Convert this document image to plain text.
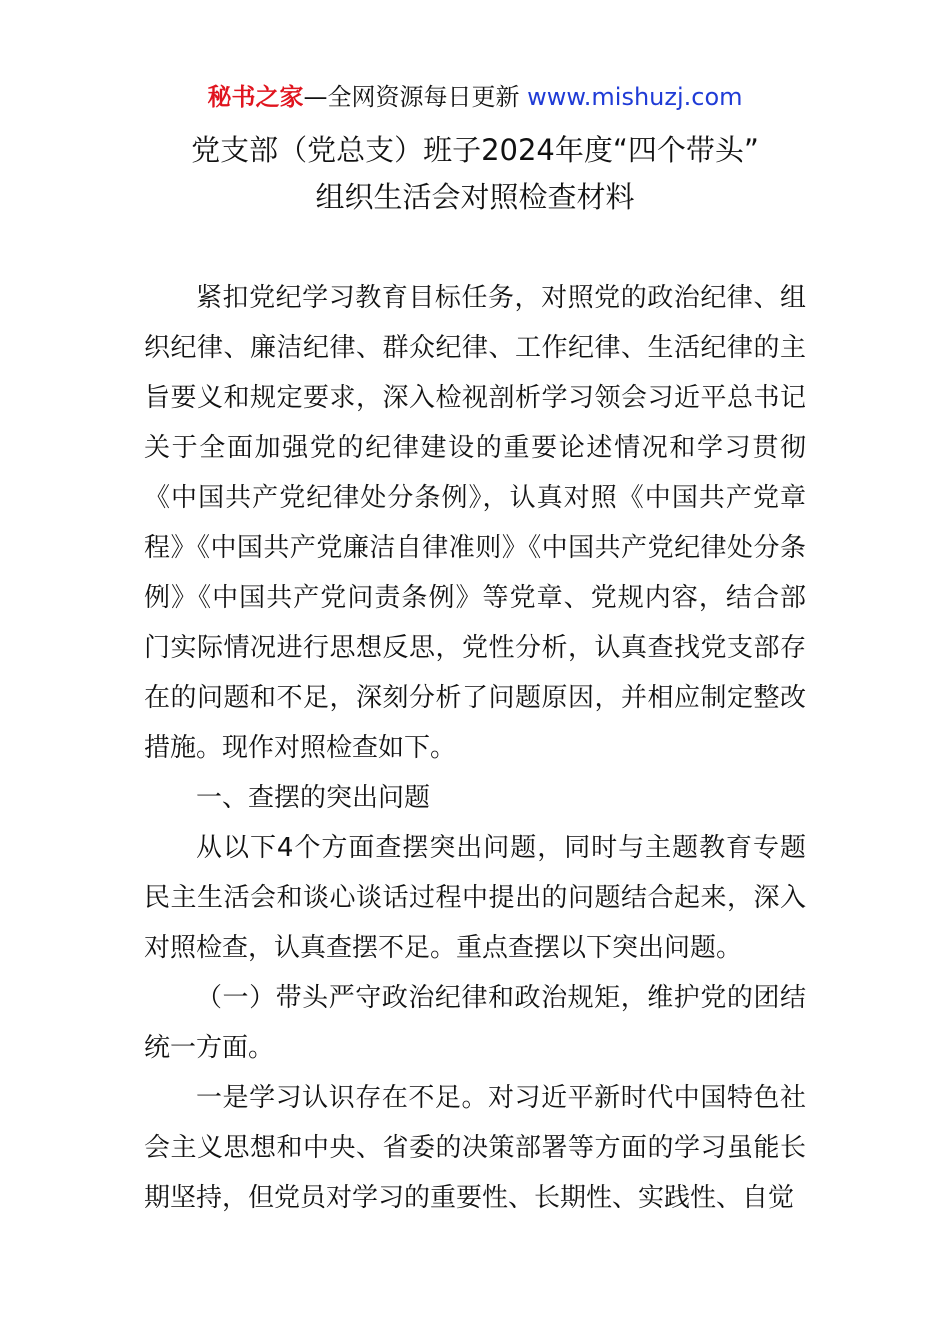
秘书之家—全网资源每日更新 www.mishuzj.com
党支部（党总支）班子2024年度“四个带头”
组织生活会对照检查材料

紧扣党纪学习教育目标任务，对照党的政治纪律、组织纪律、廉洁纪律、群众纪律、工作纪律、生活纪律的主旨要义和规定要求，深入检视剖析学习领会习近平总书记关于全面加强党的纪律建设的重要论述情况和学习贯彻《中国共产党纪律处分条例》，认真对照《中国共产党章程》《中国共产党廉洁自律准则》《中国共产党纪律处分条例》《中国共产党问责条例》等党章、党规内容，结合部门实际情况进行思想反思，党性分析，认真查找党支部存在的问题和不足，深刻分析了问题原因，并相应制定整改措施。现作对照检查如下。

一、查摆的突出问题

从以下4个方面查摆突出问题，同时与主题教育专题民主生活会和谈心谈话过程中提出的问题结合起来，深入对照检查，认真查摆不足。重点查摆以下突出问题。

（一）带头严守政治纪律和政治规矩，维护党的团结统一方面。

一是学习认识存在不足。对习近平新时代中国特色社会主义思想和中央、省委的决策部署等方面的学习虽能长期坚持，但党员对学习的重要性、长期性、实践性、自觉
